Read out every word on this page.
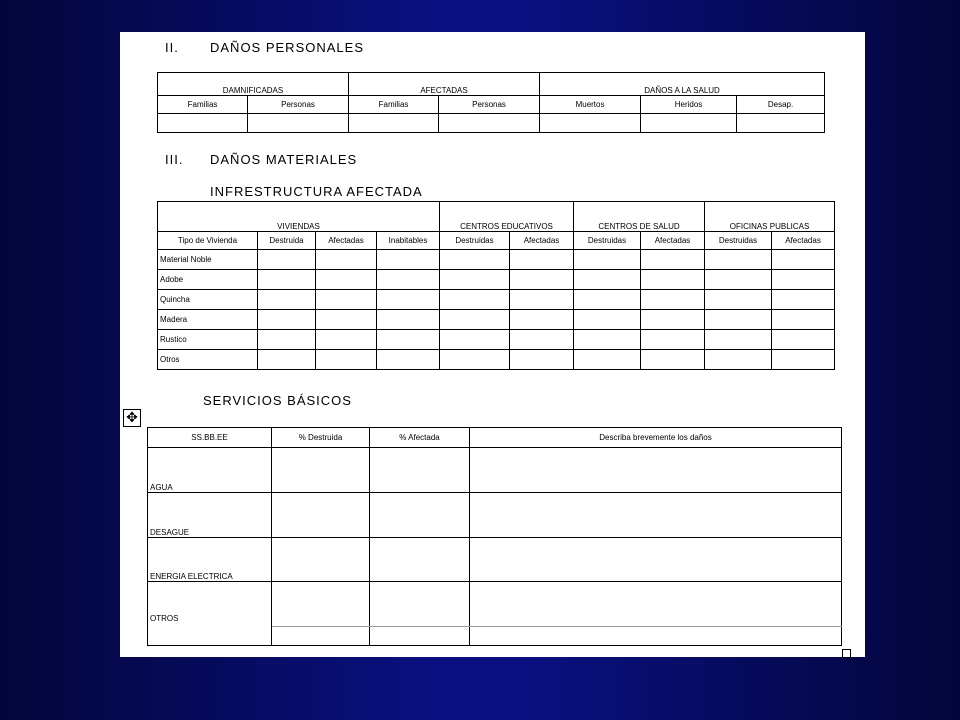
II. DAÑOS PERSONALES
DAMNIFICADAS		AFECTADAS		DAÑOS A LA SALUD		
Familias	Personas	Familias	Personas	Muertos	Heridos	Desap.

III. DAÑOS MATERIALES
INFRESTRUCTURA AFECTADA
VIVIENDAS				CENTROS EDUCATIVOS		CENTROS DE SALUD		OFICINAS PUBLICAS	
Tipo de Vivienda	Destruida	Afectadas	Inabitables	Destruidas	Afectadas	Destruidas	Afectadas	Destruidas	Afectadas
Material Noble									
Adobe									
Quincha									
Madera									
Rustico									
Otros									
SERVICIOS BÁSICOS
✥
SS.BB.EE	% Destruida	% Afectada	Describa brevemente los daños
AGUA			
DESAGUE			
ENERGIA ELECTRICA			
OTROS			
